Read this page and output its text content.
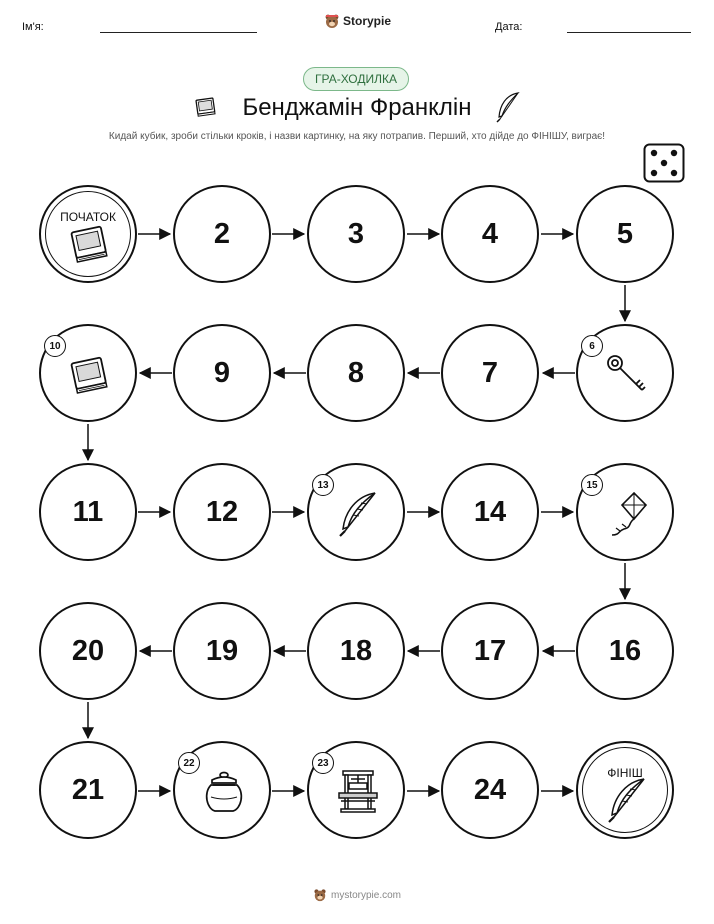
Ім'я:	Storypie	Дата:
ГРА-ХОДИЛКА
Бенджамін Франклін
Кидай кубик, зроби стільки кроків, і назви картинку, на яку потрапив. Перший, хто дійде до ФІНІШУ, виграє!
ПОЧАТОК
2	3	4	5
6
7
8
9
10
11	12
13
14
15
16
17
18
19
20
21
22	23
24
ФІНІШ
mystorypie.com
